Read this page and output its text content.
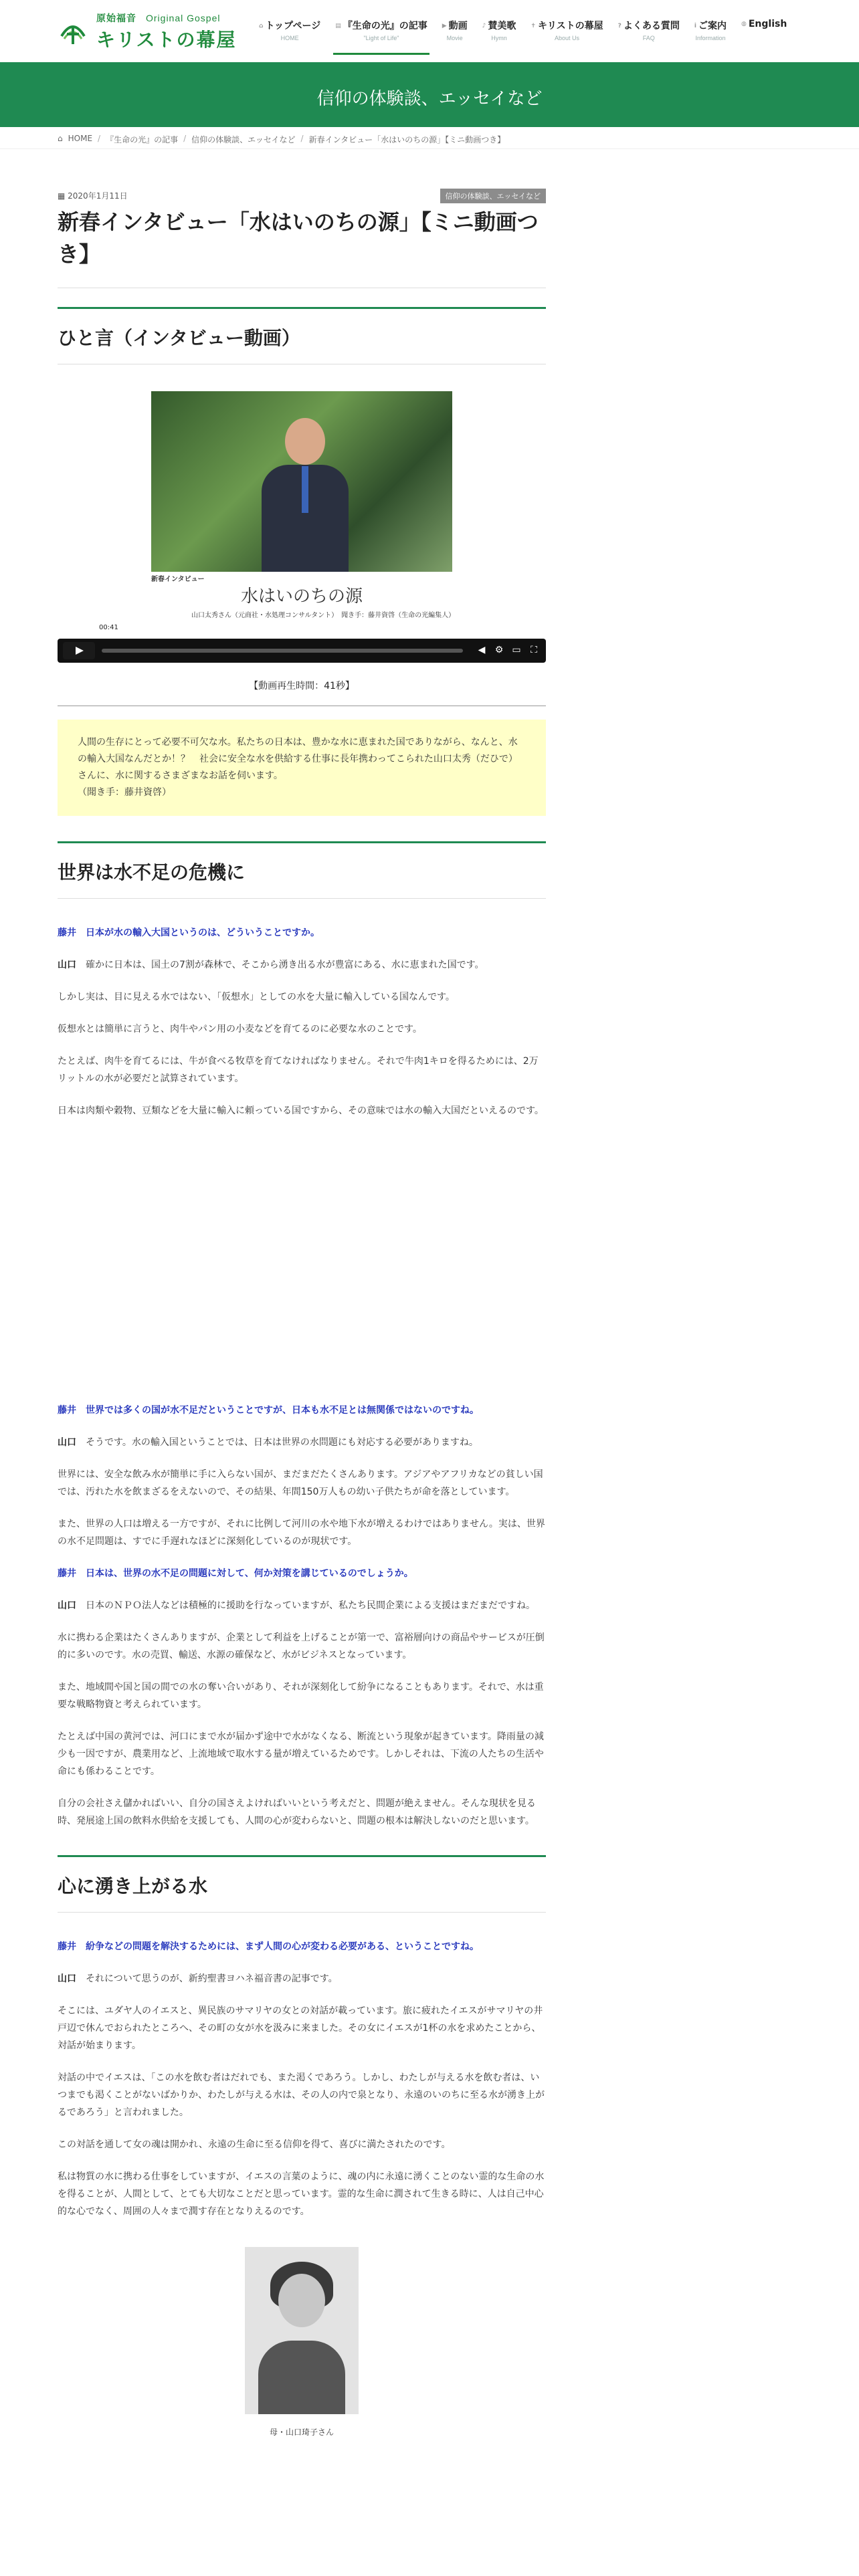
原始福音 Original Gospel
キリストの幕屋
⌂ トップページ
HOME
▤ 『生命の光』の記事
"Light of Life"
▶ 動画
Movie
♪ 賛美歌
Hymn
✝ キリストの幕屋
About Us
? よくある質問
FAQ
i ご案内
Information
◍ English
信仰の体験談、エッセイなど
⌂ HOME / 『生命の光』の記事 / 信仰の体験談、エッセイなど / 新春インタビュー「水はいのちの源」【ミニ動画つき】
▦ 2020年1月11日	信仰の体験談、エッセイなど
新春インタビュー「水はいのちの源」【ミニ動画つき】
ひと言（インタビュー動画）
新春インタビュー
水はいのちの源
山口太秀さん（元商社・水処理コンサルタント）　聞き手：藤井資啓（生命の光編集人）
00:41
◀ ⚙ ▭ ⛶
【動画再生時間：41秒】
人間の生存にとって必要不可欠な水。私たちの日本は、豊かな水に恵まれた国でありながら、なんと、水の輸入大国なんだとか！？　社会に安全な水を供給する仕事に長年携わってこられた山口太秀（だひで）さんに、水に関するさまざまなお話を伺います。
（聞き手：藤井資啓）
世界は水不足の危機に

藤井 日本が水の輸入大国というのは、どういうことですか。

山口 確かに日本は、国土の7割が森林で、そこから湧き出る水が豊富にある、水に恵まれた国です。

しかし実は、目に見える水ではない、「仮想水」としての水を大量に輸入している国なんです。

仮想水とは簡単に言うと、肉牛やパン用の小麦などを育てるのに必要な水のことです。

たとえば、肉牛を育てるには、牛が食べる牧草を育てなければなりません。それで牛肉1キロを得るためには、2万リットルの水が必要だと試算されています。

日本は肉類や穀物、豆類などを大量に輸入に頼っている国ですから、その意味では水の輸入大国だといえるのです。

藤井 世界では多くの国が水不足だということですが、日本も水不足とは無関係ではないのですね。

山口 そうです。水の輸入国ということでは、日本は世界の水問題にも対応する必要がありますね。

世界には、安全な飲み水が簡単に手に入らない国が、まだまだたくさんあります。アジアやアフリカなどの貧しい国では、汚れた水を飲まざるをえないので、その結果、年間150万人もの幼い子供たちが命を落としています。

また、世界の人口は増える一方ですが、それに比例して河川の水や地下水が増えるわけではありません。実は、世界の水不足問題は、すでに手遅れなほどに深刻化しているのが現状です。

藤井 日本は、世界の水不足の問題に対して、何か対策を講じているのでしょうか。

山口 日本のＮＰＯ法人などは積極的に援助を行なっていますが、私たち民間企業による支援はまだまだですね。

水に携わる企業はたくさんありますが、企業として利益を上げることが第一で、富裕層向けの商品やサービスが圧倒的に多いのです。水の売買、輸送、水源の確保など、水がビジネスとなっています。

また、地域間や国と国の間での水の奪い合いがあり、それが深刻化して紛争になることもあります。それで、水は重要な戦略物資と考えられています。

たとえば中国の黄河では、河口にまで水が届かず途中で水がなくなる、断流という現象が起きています。降雨量の減少も一因ですが、農業用など、上流地域で取水する量が増えているためです。しかしそれは、下流の人たちの生活や命にも係わることです。

自分の会社さえ儲かればいい、自分の国さえよければいいという考えだと、問題が絶えません。そんな現状を見る時、発展途上国の飲料水供給を支援しても、人間の心が変わらないと、問題の根本は解決しないのだと思います。

心に湧き上がる水

藤井 紛争などの問題を解決するためには、まず人間の心が変わる必要がある、ということですね。

山口 それについて思うのが、新約聖書ヨハネ福音書の記事です。

そこには、ユダヤ人のイエスと、異民族のサマリヤの女との対話が載っています。旅に疲れたイエスがサマリヤの井戸辺で休んでおられたところへ、その町の女が水を汲みに来ました。その女にイエスが1杯の水を求めたことから、対話が始まります。

対話の中でイエスは、「この水を飲む者はだれでも、また渇くであろう。しかし、わたしが与える水を飲む者は、いつまでも渇くことがないばかりか、わたしが与える水は、その人の内で泉となり、永遠のいのちに至る水が湧き上がるであろう」と言われました。

この対話を通して女の魂は開かれ、永遠の生命に至る信仰を得て、喜びに満たされたのです。

私は物質の水に携わる仕事をしていますが、イエスの言葉のように、魂の内に永遠に湧くことのない霊的な生命の水を得ることが、人間として、とても大切なことだと思っています。霊的な生命に潤されて生きる時に、人は自己中心的な心でなく、周囲の人々まで潤す存在となりえるのです。

母・山口琦子さん
